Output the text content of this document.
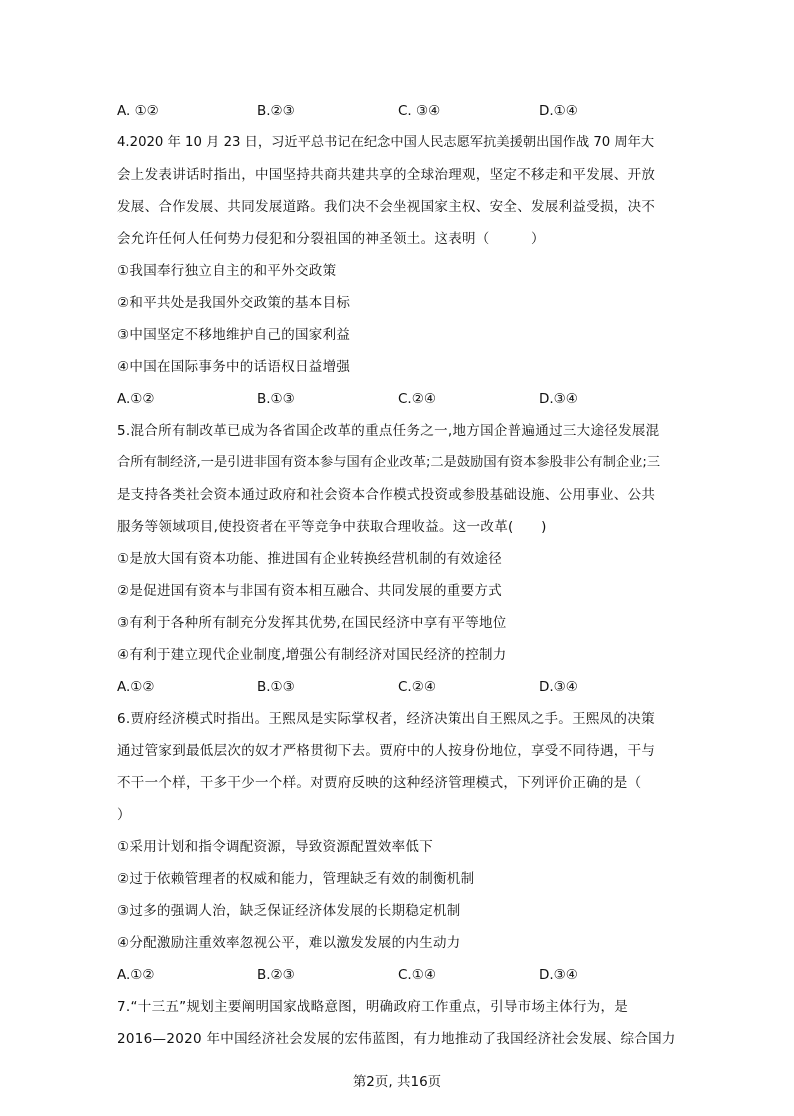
A. ①②	B.②③	C. ③④	D.①④
4.2020 年 10 月 23 日，习近平总书记在纪念中国人民志愿军抗美援朝出国作战 70 周年大
会上发表讲话时指出，中国坚持共商共建共享的全球治理观，坚定不移走和平发展、开放
发展、合作发展、共同发展道路。我们决不会坐视国家主权、安全、发展利益受损，决不
会允许任何人任何势力侵犯和分裂祖国的神圣领土。这表明（　　　）
①我国奉行独立自主的和平外交政策
②和平共处是我国外交政策的基本目标
③中国坚定不移地维护自己的国家利益
④中国在国际事务中的话语权日益增强
A.①②	B.①③	C.②④	D.③④
5.混合所有制改革已成为各省国企改革的重点任务之一,地方国企普遍通过三大途径发展混
合所有制经济,一是引进非国有资本参与国有企业改革;二是鼓励国有资本参股非公有制企业;三
是支持各类社会资本通过政府和社会资本合作模式投资或参股基础设施、公用事业、公共
服务等领域项目,使投资者在平等竞争中获取合理收益。这一改革(　　)
①是放大国有资本功能、推进国有企业转换经营机制的有效途径
②是促进国有资本与非国有资本相互融合、共同发展的重要方式
③有利于各种所有制充分发挥其优势,在国民经济中享有平等地位
④有利于建立现代企业制度,增强公有制经济对国民经济的控制力
A.①②	B.①③	C.②④	D.③④
6.贾府经济模式时指出。王熙凤是实际掌权者，经济决策出自王熙凤之手。王熙凤的决策
通过管家到最低层次的奴才严格贯彻下去。贾府中的人按身份地位，享受不同待遇，干与
不干一个样，干多干少一个样。对贾府反映的这种经济管理模式，下列评价正确的是（
）
①采用计划和指令调配资源，导致资源配置效率低下
②过于依赖管理者的权威和能力，管理缺乏有效的制衡机制
③过多的强调人治，缺乏保证经济体发展的长期稳定机制
④分配激励注重效率忽视公平，难以激发发展的内生动力
A.①②	B.②③	C.①④	D.③④
7.“十三五”规划主要阐明国家战略意图，明确政府工作重点，引导市场主体行为，是
2016—2020 年中国经济社会发展的宏伟蓝图，有力地推动了我国经济社会发展、综合国力
第2页, 共16页
